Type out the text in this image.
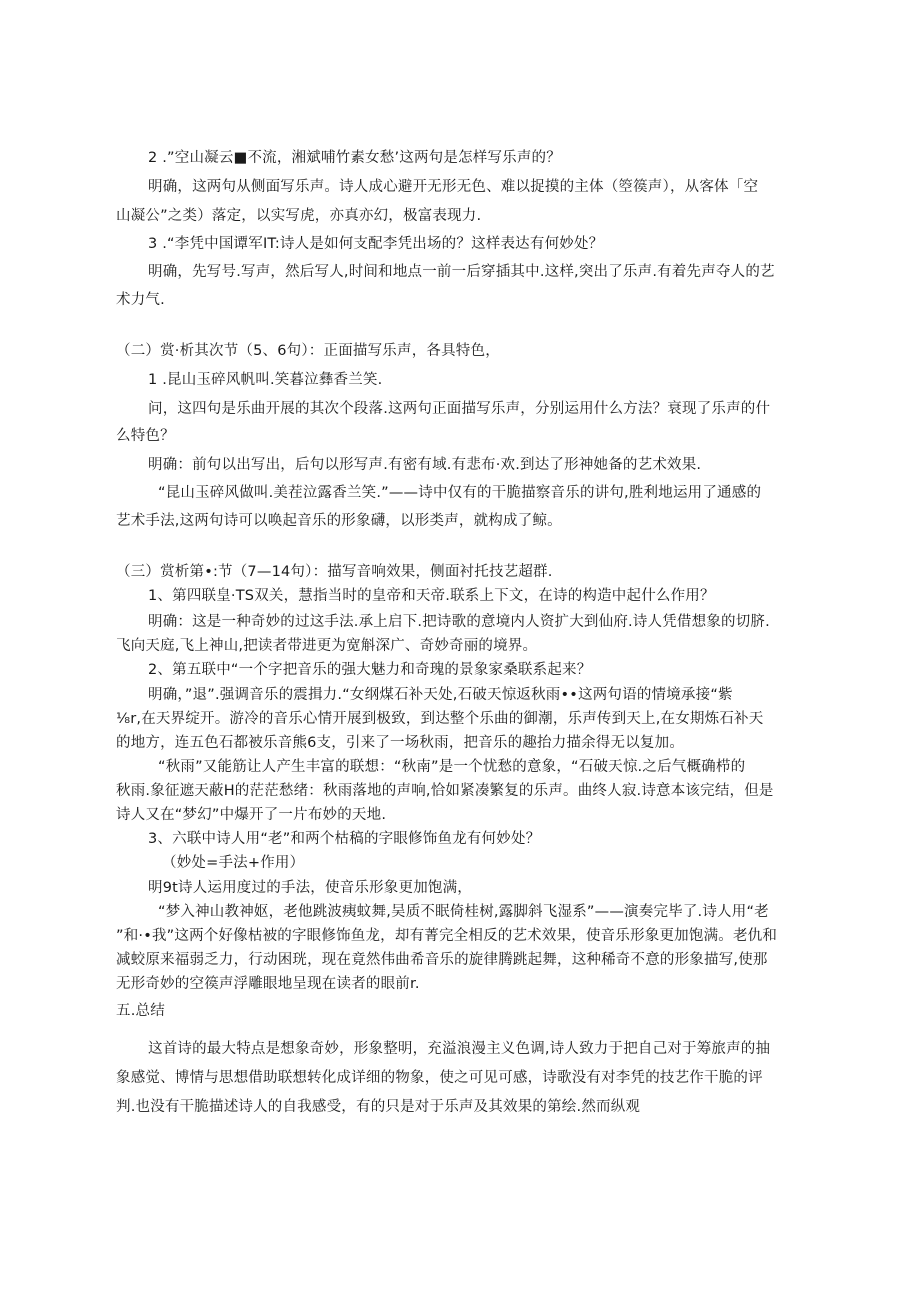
2 .”空山凝云■不流，湘斌哺竹素女愁’这两句是怎样写乐声的？
明确，这两句从侧面写乐声。诗人成心避开无形无色、难以捉摸的主体（箜篌声），从客体「空
山凝公”之类）落定，以实写虎，亦真亦幻，极富表现力.
3 .“李凭中国谭军IT:诗人是如何支配李凭出场的？这样表达有何妙处？
明确，先写号.写声，然后写人,时间和地点一前一后穿插其中.这样,突出了乐声.有着先声夺人的艺
术力气.
（二）赏·析其次节（5、6句）：正面描写乐声，各具特色，
1 .昆山玉碎风帆叫.笑暮泣彝香兰笑.
问，这四句是乐曲开展的其次个段落.这两句正面描写乐声，分别运用什么方法？衰现了乐声的什
么特色？
明确：前句以出写出，后句以形写声.有密有域.有悲布·欢.到达了形神她备的艺术效果.
“昆山玉碎风做叫.美茬泣露香兰笑.”——诗中仅有的干脆描察音乐的讲句,胜利地运用了通感的
艺术手法,这两句诗可以唤起音乐的形象礴，以形类声，就构成了鲸。
（三）赏析第•:节（7—14句）：描写音响效果，侧面衬托技艺超群.
1、第四联皇·TS双关，慧指当时的皇帝和天帝.联系上下文，在诗的构造中起什么作用？
明确：这是一种奇妙的过这手法.承上启下.把诗歌的意境内人资扩大到仙府.诗人凭借想象的切脐.
飞向天庭,飞上神山,把读者带进更为宽斛深广、奇妙奇丽的境界。
2、第五联中“一个字把音乐的强大魅力和奇瑰的景象家桑联系起来？
明确，”退”.强调音乐的震揖力.“女纲煤石补天处,石破天惊返秋雨••这两句语的情境承接“紫
⅛r,在天界绽开。游冷的音乐心情开展到极致，到达整个乐曲的御潮，乐声传到天上,在女期炼石补天
的地方，连五色石都被乐音熊6支，引来了一场秋雨，把音乐的趣抬力描余得无以复加。
“秋雨”又能筋让人产生丰富的联想：“秋南”是一个忧愁的意象，“石破天惊.之后气概确栉的
秋雨.象征遮天蔽H的茫茫愁绪：秋雨落地的声响,恰如紧凑繁复的乐声。曲终人寂.诗意本该完结，但是
诗人又在“梦幻”中爆开了一片布妙的天地.
3、六联中诗人用“老”和两个枯稿的字眼修饰鱼龙有何妙处？
（妙处=手法+作用）
明9t诗人运用度过的手法，使音乐形象更加饱满，
“梦入神山教神妪，老他跳波痍蚊舞,吴质不眠倚桂树,露脚斜飞湿系”——演奏完毕了.诗人用“老
”和·•我”这两个好像枯被的字眼修饰鱼龙，却有菁完全相反的艺术效果，使音乐形象更加饱满。老仇和
减蛟原来福弱乏力，行动困珖，现在竟然伟曲希音乐的旋律腾跳起舞，这种稀奇不意的形象描写,使那
无形奇妙的空篌声浮雕眼地呈现在读者的眼前r.
五.总结
这首诗的最大特点是想象奇妙，形象整明，充溢浪漫主义色调,诗人致力于把自己对于筹旅声的抽
象感觉、博情与思想借助联想转化成详细的物象，使之可见可感，诗歌没有对李凭的技艺作干脆的评
判.也没有干脆描述诗人的自我感受，有的只是对于乐声及其效果的第绘.然而纵观
